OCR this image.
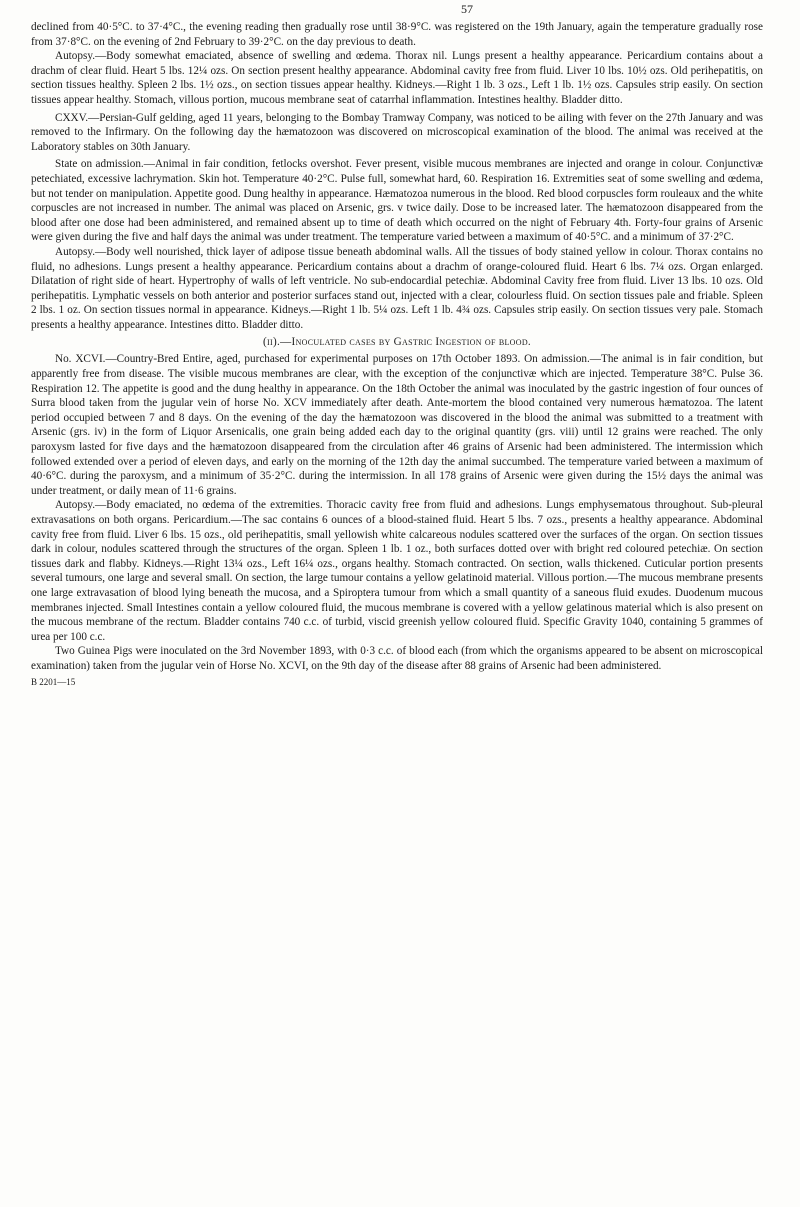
57

declined from 40·5°C. to 37·4°C., the evening reading then gradually rose until 38·9°C. was registered on the 19th January, again the temperature gradually rose from 37·8°C. on the evening of 2nd February to 39·2°C. on the day previous to death.

Autopsy.—Body somewhat emaciated, absence of swelling and œdema. Thorax nil. Lungs present a healthy appearance. Pericardium contains about a drachm of clear fluid. Heart 5 lbs. 12¼ ozs. On section present healthy appearance. Abdominal cavity free from fluid. Liver 10 lbs. 10½ ozs. Old perihepatitis, on section tissues healthy. Spleen 2 lbs. 1½ ozs., on section tissues appear healthy. Kidneys.—Right 1 lb. 3 ozs., Left 1 lb. 1½ ozs. Capsules strip easily. On section tissues appear healthy. Stomach, villous portion, mucous membrane seat of catarrhal inflammation. Intestines healthy. Bladder ditto.

CXXV.—Persian-Gulf gelding, aged 11 years, belonging to the Bombay Tramway Company, was noticed to be ailing with fever on the 27th January and was removed to the Infirmary. On the following day the hæmatozoon was discovered on microscopical examination of the blood. The animal was received at the Laboratory stables on 30th January.

State on admission.—Animal in fair condition, fetlocks overshot. Fever present, visible mucous membranes are injected and orange in colour. Conjunctivæ petechiated, excessive lachrymation. Skin hot. Temperature 40·2°C. Pulse full, somewhat hard, 60. Respiration 16. Extremities seat of some swelling and œdema, but not tender on manipulation. Appetite good. Dung healthy in appearance. Hæmatozoa numerous in the blood. Red blood corpuscles form rouleaux and the white corpuscles are not increased in number. The animal was placed on Arsenic, grs. v twice daily. Dose to be increased later. The hæmatozoon disappeared from the blood after one dose had been administered, and remained absent up to time of death which occurred on the night of February 4th. Forty-four grains of Arsenic were given during the five and half days the animal was under treatment. The temperature varied between a maximum of 40·5°C. and a minimum of 37·2°C.

Autopsy.—Body well nourished, thick layer of adipose tissue beneath abdominal walls. All the tissues of body stained yellow in colour. Thorax contains no fluid, no adhesions. Lungs present a healthy appearance. Pericardium contains about a drachm of orange-coloured fluid. Heart 6 lbs. 7¼ ozs. Organ enlarged. Dilatation of right side of heart. Hypertrophy of walls of left ventricle. No sub-endocardial petechiæ. Abdominal Cavity free from fluid. Liver 13 lbs. 10 ozs. Old perihepatitis. Lymphatic vessels on both anterior and posterior surfaces stand out, injected with a clear, colourless fluid. On section tissues pale and friable. Spleen 2 lbs. 1 oz. On section tissues normal in appearance. Kidneys.—Right 1 lb. 5¼ ozs. Left 1 lb. 4¾ ozs. Capsules strip easily. On section tissues very pale. Stomach presents a healthy appearance. Intestines ditto. Bladder ditto.

(ii).—Inoculated cases by Gastric Ingestion of blood.

No. XCVI.—Country-Bred Entire, aged, purchased for experimental purposes on 17th October 1893. On admission.—The animal is in fair condition, but apparently free from disease. The visible mucous membranes are clear, with the exception of the conjunctivæ which are injected. Temperature 38°C. Pulse 36. Respiration 12. The appetite is good and the dung healthy in appearance. On the 18th October the animal was inoculated by the gastric ingestion of four ounces of Surra blood taken from the jugular vein of horse No. XCV immediately after death. Ante-mortem the blood contained very numerous hæmatozoa. The latent period occupied between 7 and 8 days. On the evening of the day the hæmatozoon was discovered in the blood the animal was submitted to a treatment with Arsenic (grs. iv) in the form of Liquor Arsenicalis, one grain being added each day to the original quantity (grs. viii) until 12 grains were reached. The only paroxysm lasted for five days and the hæmatozoon disappeared from the circulation after 46 grains of Arsenic had been administered. The intermission which followed extended over a period of eleven days, and early on the morning of the 12th day the animal succumbed. The temperature varied between a maximum of 40·6°C. during the paroxysm, and a minimum of 35·2°C. during the intermission. In all 178 grains of Arsenic were given during the 15½ days the animal was under treatment, or daily mean of 11·6 grains.

Autopsy.—Body emaciated, no œdema of the extremities. Thoracic cavity free from fluid and adhesions. Lungs emphysematous throughout. Sub-pleural extravasations on both organs. Pericardium.—The sac contains 6 ounces of a blood-stained fluid. Heart 5 lbs. 7 ozs., presents a healthy appearance. Abdominal cavity free from fluid. Liver 6 lbs. 15 ozs., old perihepatitis, small yellowish white calcareous nodules scattered over the surfaces of the organ. On section tissues dark in colour, nodules scattered through the structures of the organ. Spleen 1 lb. 1 oz., both surfaces dotted over with bright red coloured petechiæ. On section tissues dark and flabby. Kidneys.—Right 13¼ ozs., Left 16¼ ozs., organs healthy. Stomach contracted. On section, walls thickened. Cuticular portion presents several tumours, one large and several small. On section, the large tumour contains a yellow gelatinoid material. Villous portion.—The mucous membrane presents one large extravasation of blood lying beneath the mucosa, and a Spiroptera tumour from which a small quantity of a saneous fluid exudes. Duodenum mucous membranes injected. Small Intestines contain a yellow coloured fluid, the mucous membrane is covered with a yellow gelatinous material which is also present on the mucous membrane of the rectum. Bladder contains 740 c.c. of turbid, viscid greenish yellow coloured fluid. Specific Gravity 1040, containing 5 grammes of urea per 100 c.c.

Two Guinea Pigs were inoculated on the 3rd November 1893, with 0·3 c.c. of blood each (from which the organisms appeared to be absent on microscopical examination) taken from the jugular vein of Horse No. XCVI, on the 9th day of the disease after 88 grains of Arsenic had been administered.

B 2201—15
